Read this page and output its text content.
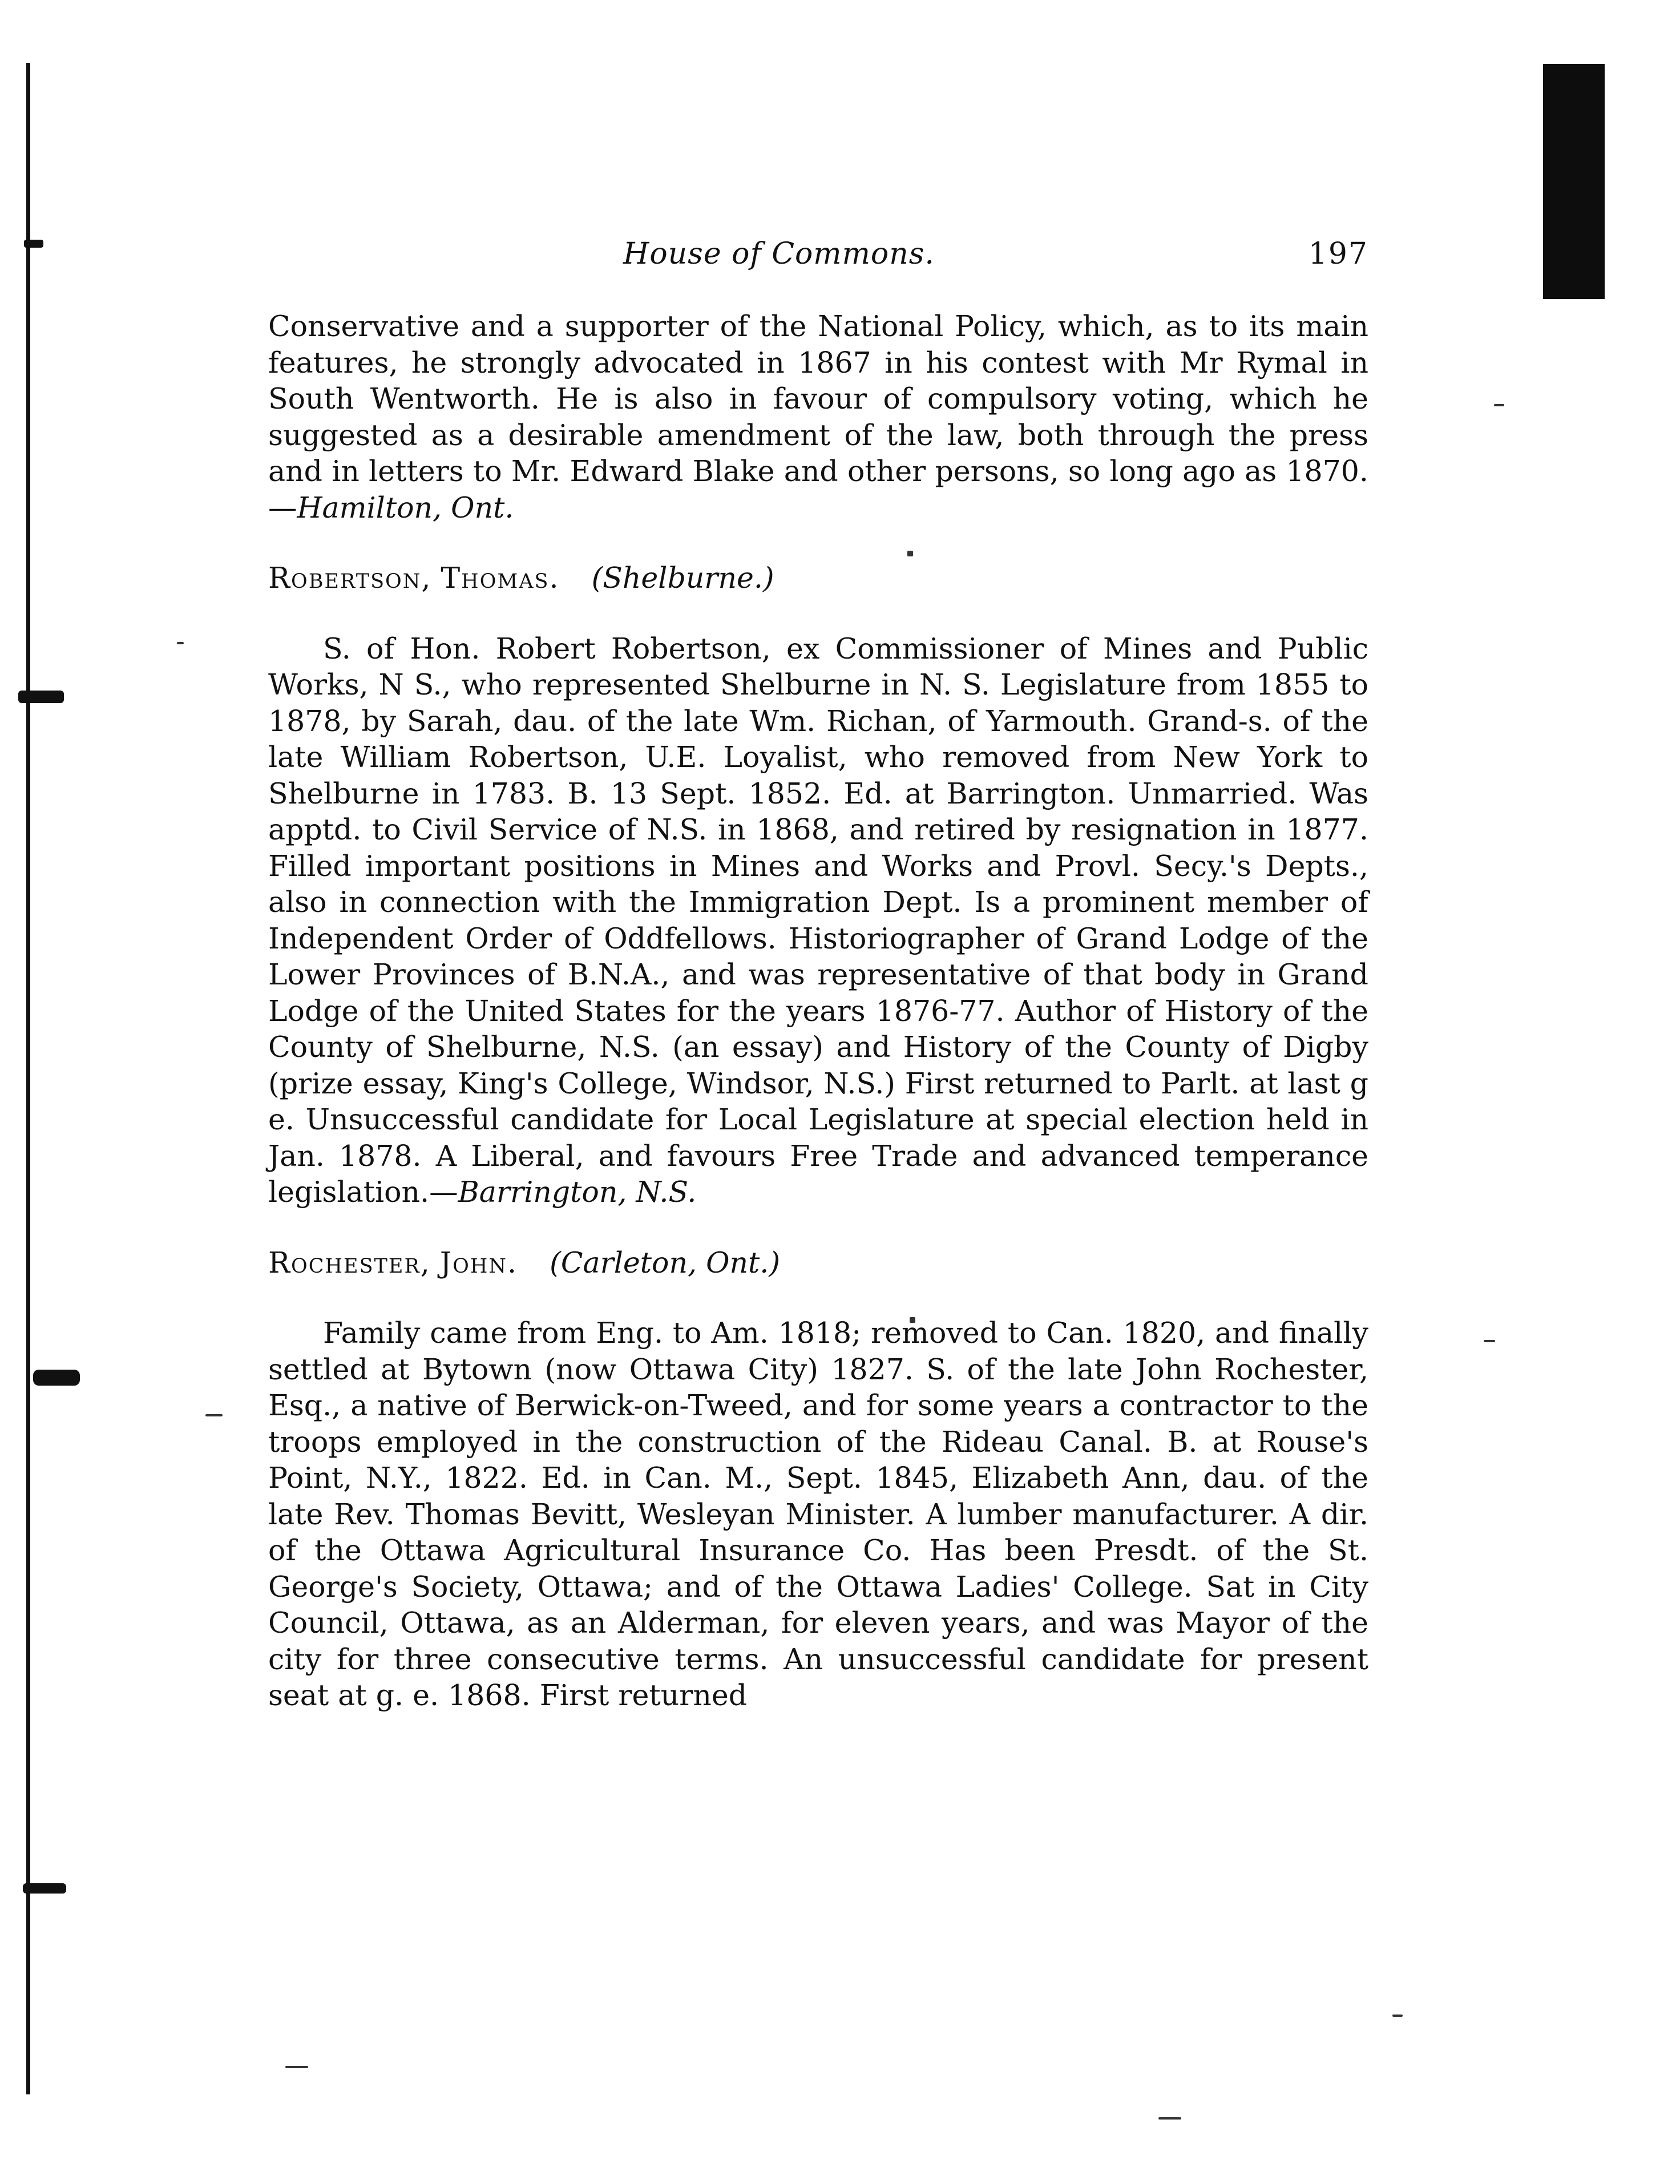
House of Commons.	197

Conservative and a supporter of the National Policy, which, as to its main features, he strongly advocated in 1867 in his contest with Mr Rymal in South Wentworth. He is also in favour of compulsory voting, which he suggested as a desirable amendment of the law, both through the press and in letters to Mr. Edward Blake and other persons, so long ago as 1870.—Hamilton, Ont.

Robertson, Thomas. (Shelburne.)

S. of Hon. Robert Robertson, ex Commissioner of Mines and Public Works, N S., who represented Shelburne in N. S. Legislature from 1855 to 1878, by Sarah, dau. of the late Wm. Richan, of Yarmouth. Grand-s. of the late William Robertson, U.E. Loyalist, who removed from New York to Shelburne in 1783. B. 13 Sept. 1852. Ed. at Barrington. Unmarried. Was apptd. to Civil Service of N.S. in 1868, and retired by resignation in 1877. Filled important positions in Mines and Works and Provl. Secy.'s Depts., also in connection with the Immigration Dept. Is a prominent member of Independent Order of Oddfellows. Historiographer of Grand Lodge of the Lower Provinces of B.N.A., and was representative of that body in Grand Lodge of the United States for the years 1876-77. Author of History of the County of Shelburne, N.S. (an essay) and History of the County of Digby (prize essay, King's College, Windsor, N.S.) First returned to Parlt. at last g e. Unsuccessful candidate for Local Legislature at special election held in Jan. 1878. A Liberal, and favours Free Trade and advanced temperance legislation.—Barrington, N.S.

Rochester, John. (Carleton, Ont.)

Family came from Eng. to Am. 1818; removed to Can. 1820, and finally settled at Bytown (now Ottawa City) 1827. S. of the late John Rochester, Esq., a native of Berwick-on-Tweed, and for some years a contractor to the troops employed in the construction of the Rideau Canal. B. at Rouse's Point, N.Y., 1822. Ed. in Can. M., Sept. 1845, Elizabeth Ann, dau. of the late Rev. Thomas Bevitt, Wesleyan Minister. A lumber manufacturer. A dir. of the Ottawa Agricultural Insurance Co. Has been Presdt. of the St. George's Society, Ottawa; and of the Ottawa Ladies' College. Sat in City Council, Ottawa, as an Alderman, for eleven years, and was Mayor of the city for three consecutive terms. An unsuccessful candidate for present seat at g. e. 1868. First returned
